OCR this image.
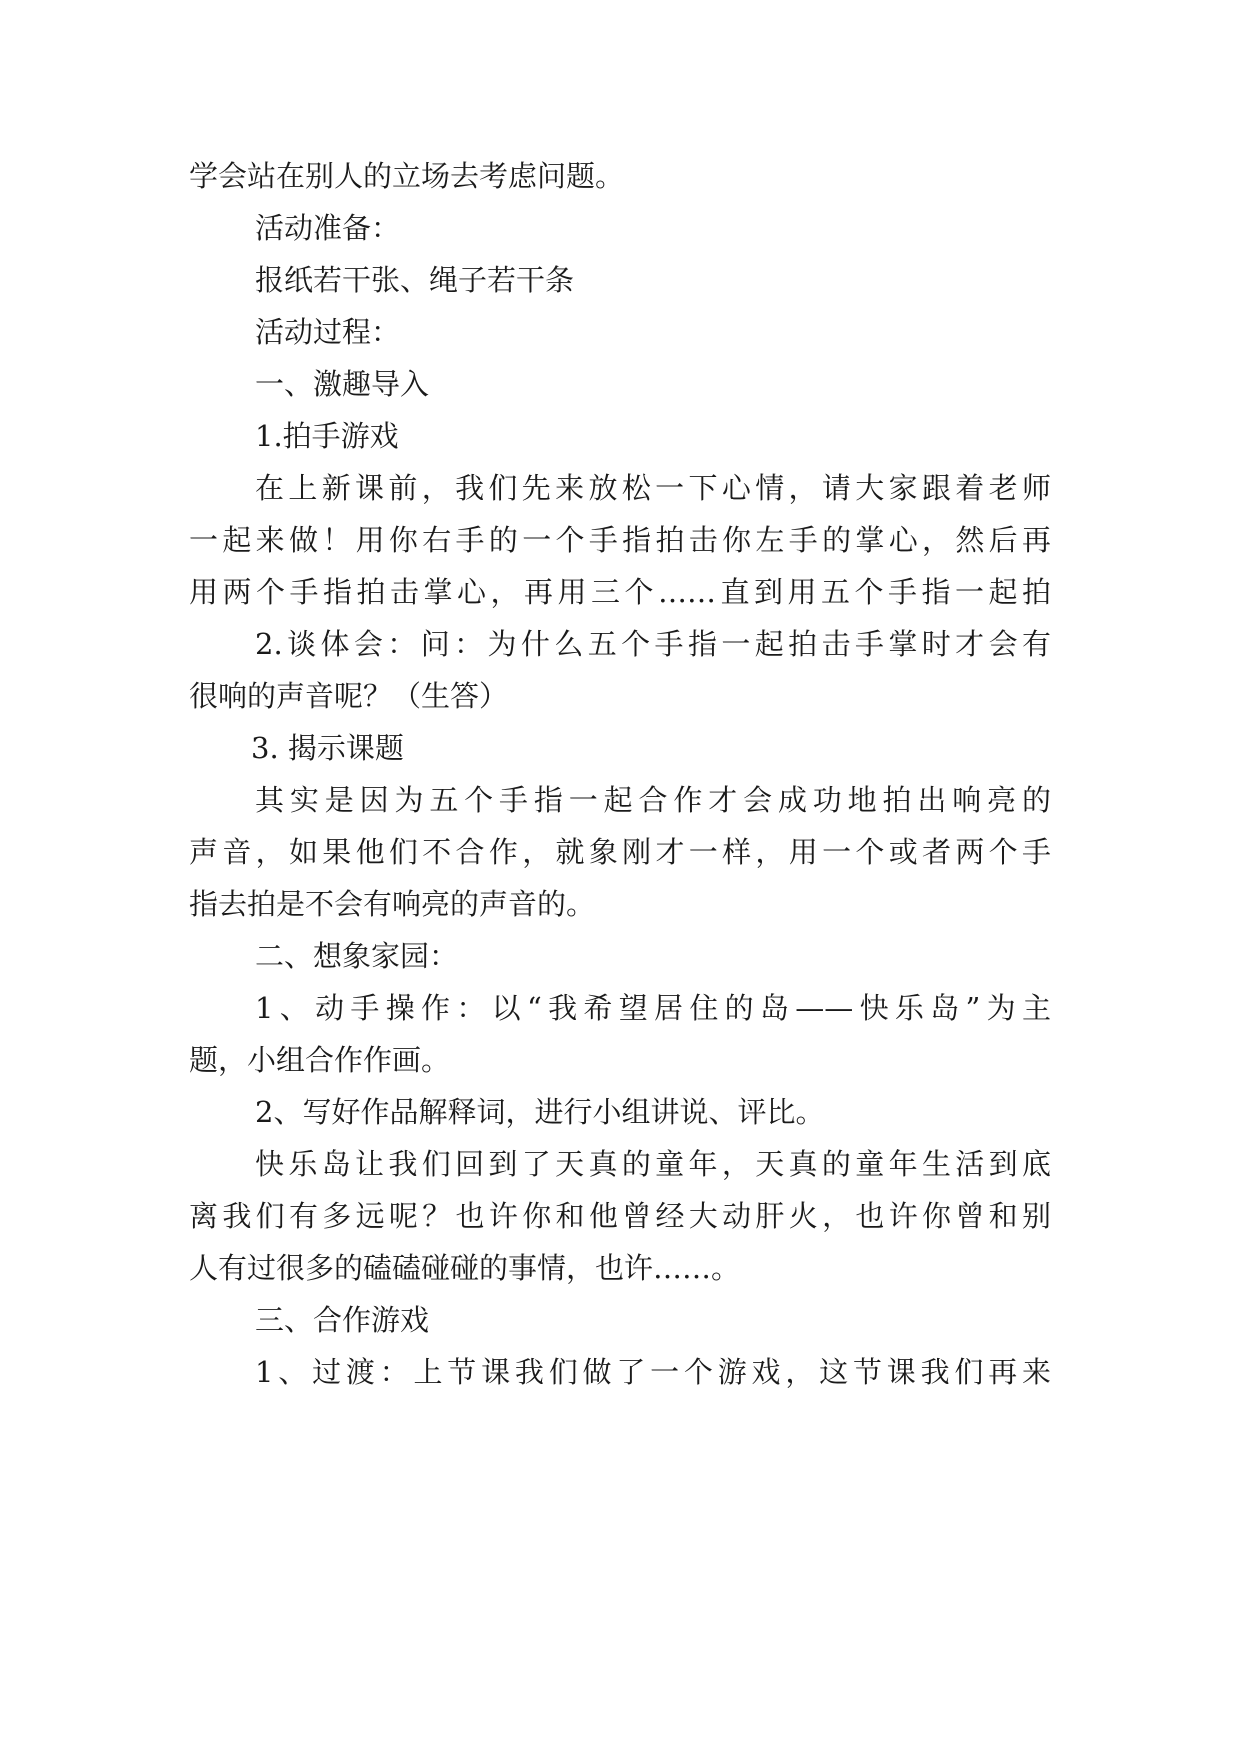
学会站在别人的立场去考虑问题。
活动准备：
报纸若干张、绳子若干条
活动过程：
一、激趣导入
1.拍手游戏
在上新课前，我们先来放松一下心情，请大家跟着老师
一起来做！用你右手的一个手指拍击你左手的掌心，然后再
用两个手指拍击掌心，再用三个……直到用五个手指一起拍
2.谈体会：问：为什么五个手指一起拍击手掌时才会有
很响的声音呢？（生答）
3. 揭示课题
其实是因为五个手指一起合作才会成功地拍出响亮的
声音，如果他们不合作，就象刚才一样，用一个或者两个手
指去拍是不会有响亮的声音的。
二、想象家园：
1、动手操作：以“我希望居住的岛——快乐岛”为主
题，小组合作作画。
2、写好作品解释词，进行小组讲说、评比。
快乐岛让我们回到了天真的童年，天真的童年生活到底
离我们有多远呢？也许你和他曾经大动肝火，也许你曾和别
人有过很多的磕磕碰碰的事情，也许……。
三、合作游戏
1、过渡：上节课我们做了一个游戏，这节课我们再来
